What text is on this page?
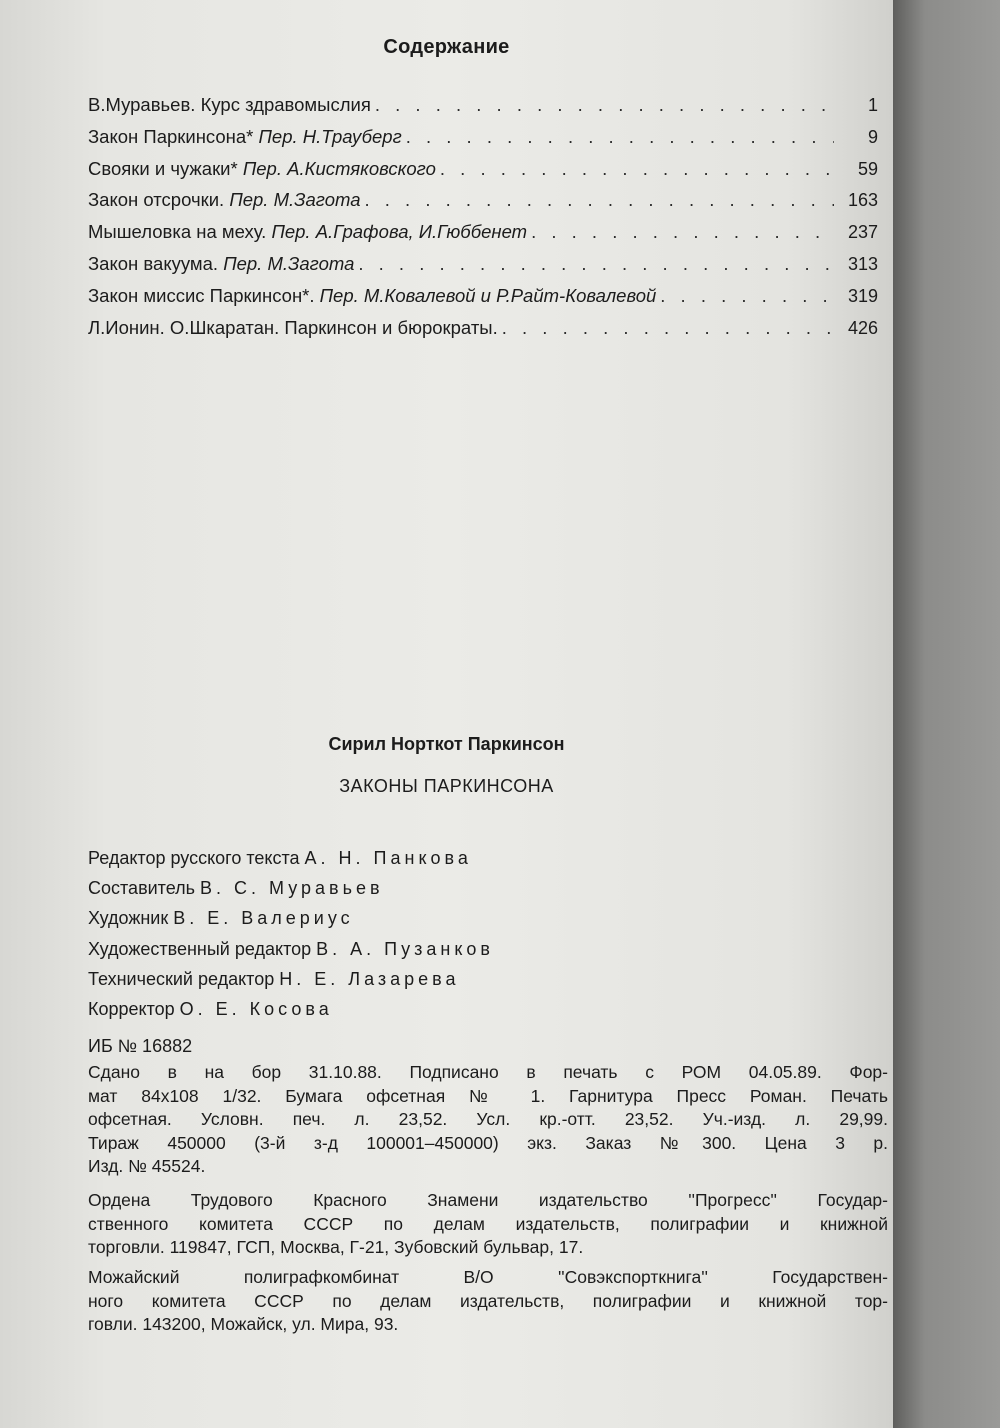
Содержание
В.Муравьев. Курс здравомыслия . . .	1
Закон Паркинсона* Пер. Н.Трауберг . . .	9
Свояки и чужаки* Пер. А.Кистяковского . . .	59
Закон отсрочки. Пер. М.Загота . . .	163
Мышеловка на меху. Пер. А.Графова, И.Гюббенет . . .	237
Закон вакуума. Пер. М.Загота . . .	313
Закон миссис Паркинсон*. Пер. М.Ковалевой и Р.Райт-Ковалевой . . .	319
Л.Ионин. О.Шкаратан. Паркинсон и бюрократы. . . .	426
Сирил Норткот Паркинсон
ЗАКОНЫ ПАРКИНСОНА
Редактор русского текста А. Н. Панкова
Составитель В. С. Муравьев
Художник В. Е. Валериус
Художественный редактор В. А. Пузанков
Технический редактор Н. Е. Лазарева
Корректор О. Е. Косова
ИБ № 16882
Сдано в на бор 31.10.88. Подписано в печать с РОМ 04.05.89. Фор-
мат 84х108 1/32. Бумага офсетная № 1. Гарнитура Пресс Роман. Печать
офсетная. Условн. печ. л. 23,52. Усл. кр.-отт. 23,52. Уч.-изд. л. 29,99.
Тираж 450000 (3-й з-д 100001–450000) экз. Заказ №300. Цена 3 р.
Изд. № 45524.
Ордена Трудового Красного Знамени издательство ''Прогресс'' Государ-
ственного комитета СССР по делам издательств, полиграфии и книжной
торговли. 119847, ГСП, Москва, Г-21, Зубовский бульвар, 17.
Можайский полиграфкомбинат В/О ''Совэкспорткнига'' Государствен-
ного комитета СССР по делам издательств, полиграфии и книжной тор-
говли. 143200, Можайск, ул. Мира, 93.
